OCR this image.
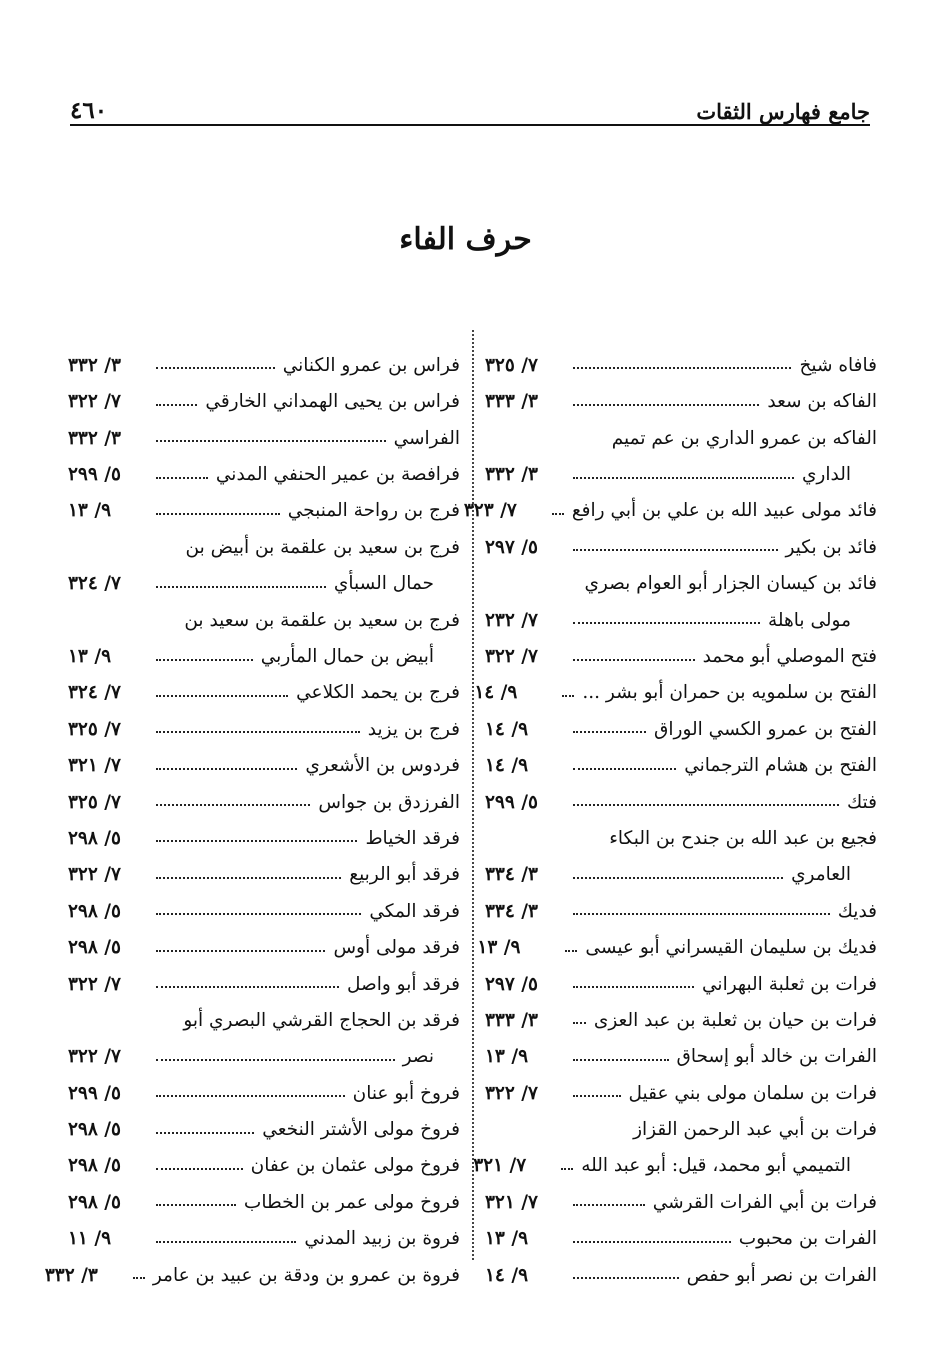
٤٦٠	جامع فهارس الثقات
حرف الفاء
فافاه شيخ
٧/ ٣٢٥
الفاكه بن سعد
٣/ ٣٣٣
الفاكه بن عمرو الداري بن عم تميم
الداري
٣/ ٣٣٢
فائد مولى عبيد الله بن علي بن أبي رافع
٧/ ٣٢٣
فائد بن بكير
٥/ ٢٩٧
فائد بن كيسان الجزار أبو العوام بصري
مولى باهلة
٧/ ٢٣٢
فتح الموصلي أبو محمد
٧/ ٣٢٢
الفتح بن سلمويه بن حمران أبو بشر ...
٩/ ١٤
الفتح بن عمرو الكسي الوراق
٩/ ١٤
الفتح بن هشام الترجماني
٩/ ١٤
فتك
٥/ ٢٩٩
فجيع بن عبد الله بن جندح بن البكاء
العامري
٣/ ٣٣٤
فديك
٣/ ٣٣٤
فديك بن سليمان القيسراني أبو عيسى
٩/ ١٣
فرات بن ثعلبة البهراني
٥/ ٢٩٧
فرات بن حيان بن ثعلبة بن عبد العزى
٣/ ٣٣٣
الفرات بن خالد أبو إسحاق
٩/ ١٣
فرات بن سلمان مولى بني عقيل
٧/ ٣٢٢
فرات بن أبي عبد الرحمن القزاز
التميمي أبو محمد، قيل: أبو عبد الله
٧/ ٣٢١
فرات بن أبي الفرات القرشي
٧/ ٣٢١
الفرات بن محبوب
٩/ ١٣
الفرات بن نصر أبو حفص
٩/ ١٤
فراس بن عمرو الكناني
٣/ ٣٣٢
فراس بن يحيى الهمداني الخارقي
٧/ ٣٢٢
الفراسي
٣/ ٣٣٢
فرافصة بن عمير الحنفي المدني
٥/ ٢٩٩
فرج بن رواحة المنبجي
٩/ ١٣
فرج بن سعيد بن علقمة بن أبيض بن
حمال السبأي
٧/ ٣٢٤
فرج بن سعيد بن علقمة بن سعيد بن
أبيض بن حمال المأربي
٩/ ١٣
فرج بن يحمد الكلاعي
٧/ ٣٢٤
فرج بن يزيد
٧/ ٣٢٥
فردوس بن الأشعري
٧/ ٣٢١
الفرزدق بن جواس
٧/ ٣٢٥
فرقد الخياط
٥/ ٢٩٨
فرقد أبو الربيع
٧/ ٣٢٢
فرقد المكي
٥/ ٢٩٨
فرقد مولى أوس
٥/ ٢٩٨
فرقد أبو واصل
٧/ ٣٢٢
فرقد بن الحجاج القرشي البصري أبو
نصر
٧/ ٣٢٢
فروخ أبو عنان
٥/ ٢٩٩
فروخ مولى الأشتر النخعي
٥/ ٢٩٨
فروخ مولى عثمان بن عفان
٥/ ٢٩٨
فروخ مولى عمر بن الخطاب
٥/ ٢٩٨
فروة بن زبيد المدني
٩/ ١١
فروة بن عمرو بن ودقة بن عبيد بن عامر
٣/ ٣٣٢
